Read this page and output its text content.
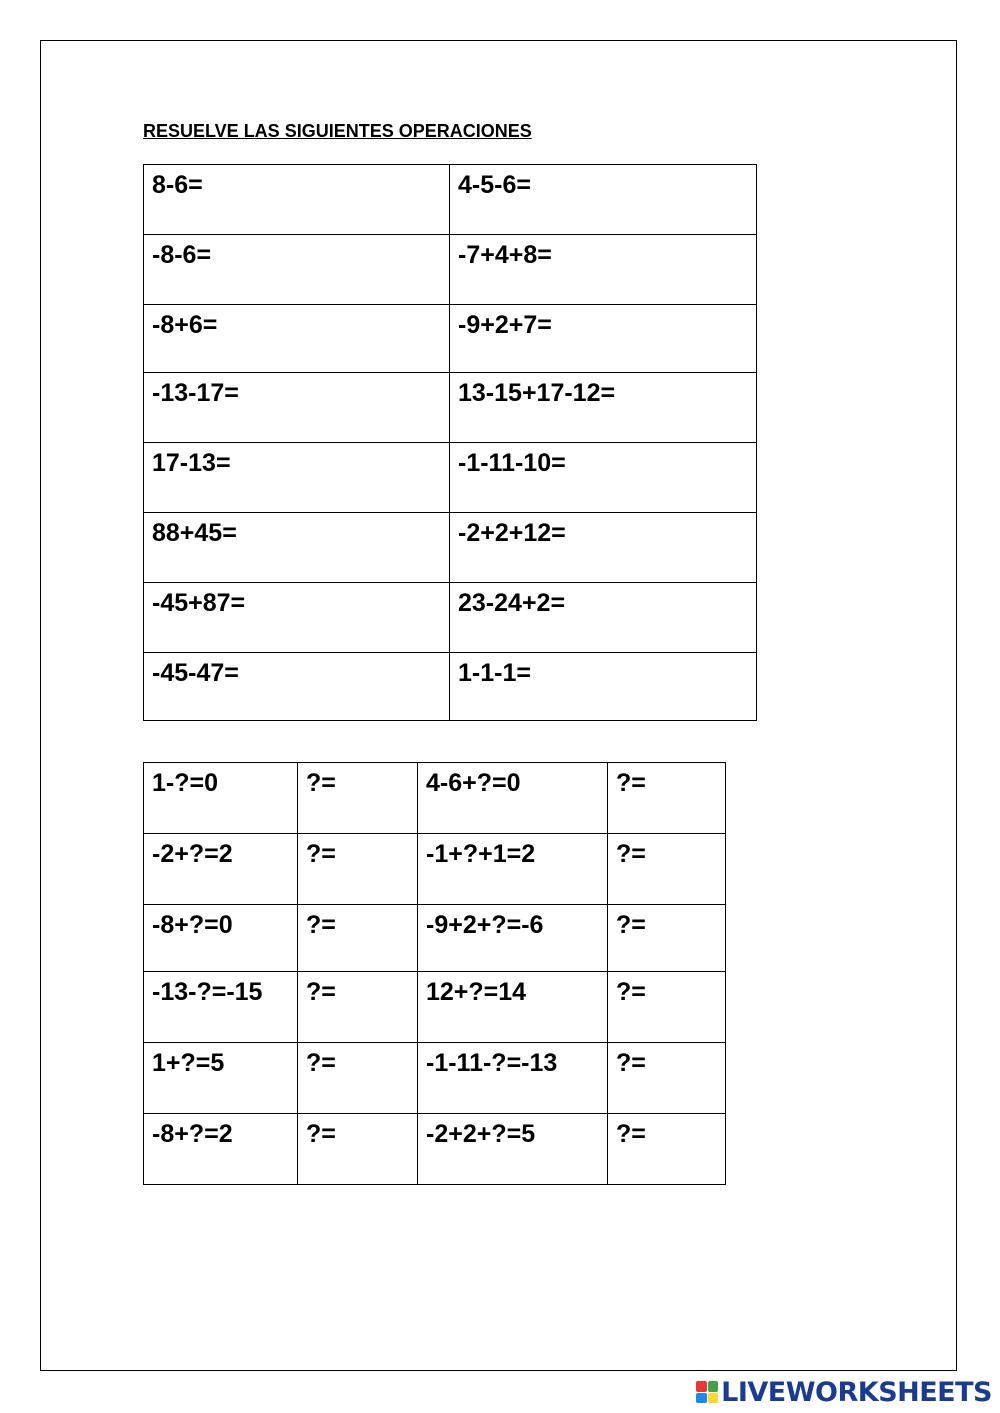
RESUELVE LAS SIGUIENTES OPERACIONES
8-6=	4-5-6=
-8-6=	-7+4+8=
-8+6=	-9+2+7=
-13-17=	13-15+17-12=
17-13=	-1-11-10=
88+45=	-2+2+12=
-45+87=	23-24+2=
-45-47=	1-1-1=
1-?=0	?=	4-6+?=0	?=
-2+?=2	?=	-1+?+1=2	?=
-8+?=0	?=	-9+2+?=-6	?=
-13-?=-15	?=	12+?=14	?=
1+?=5	?=	-1-11-?=-13	?=
-8+?=2	?=	-2+2+?=5	?=
LIVEWORKSHEETS
